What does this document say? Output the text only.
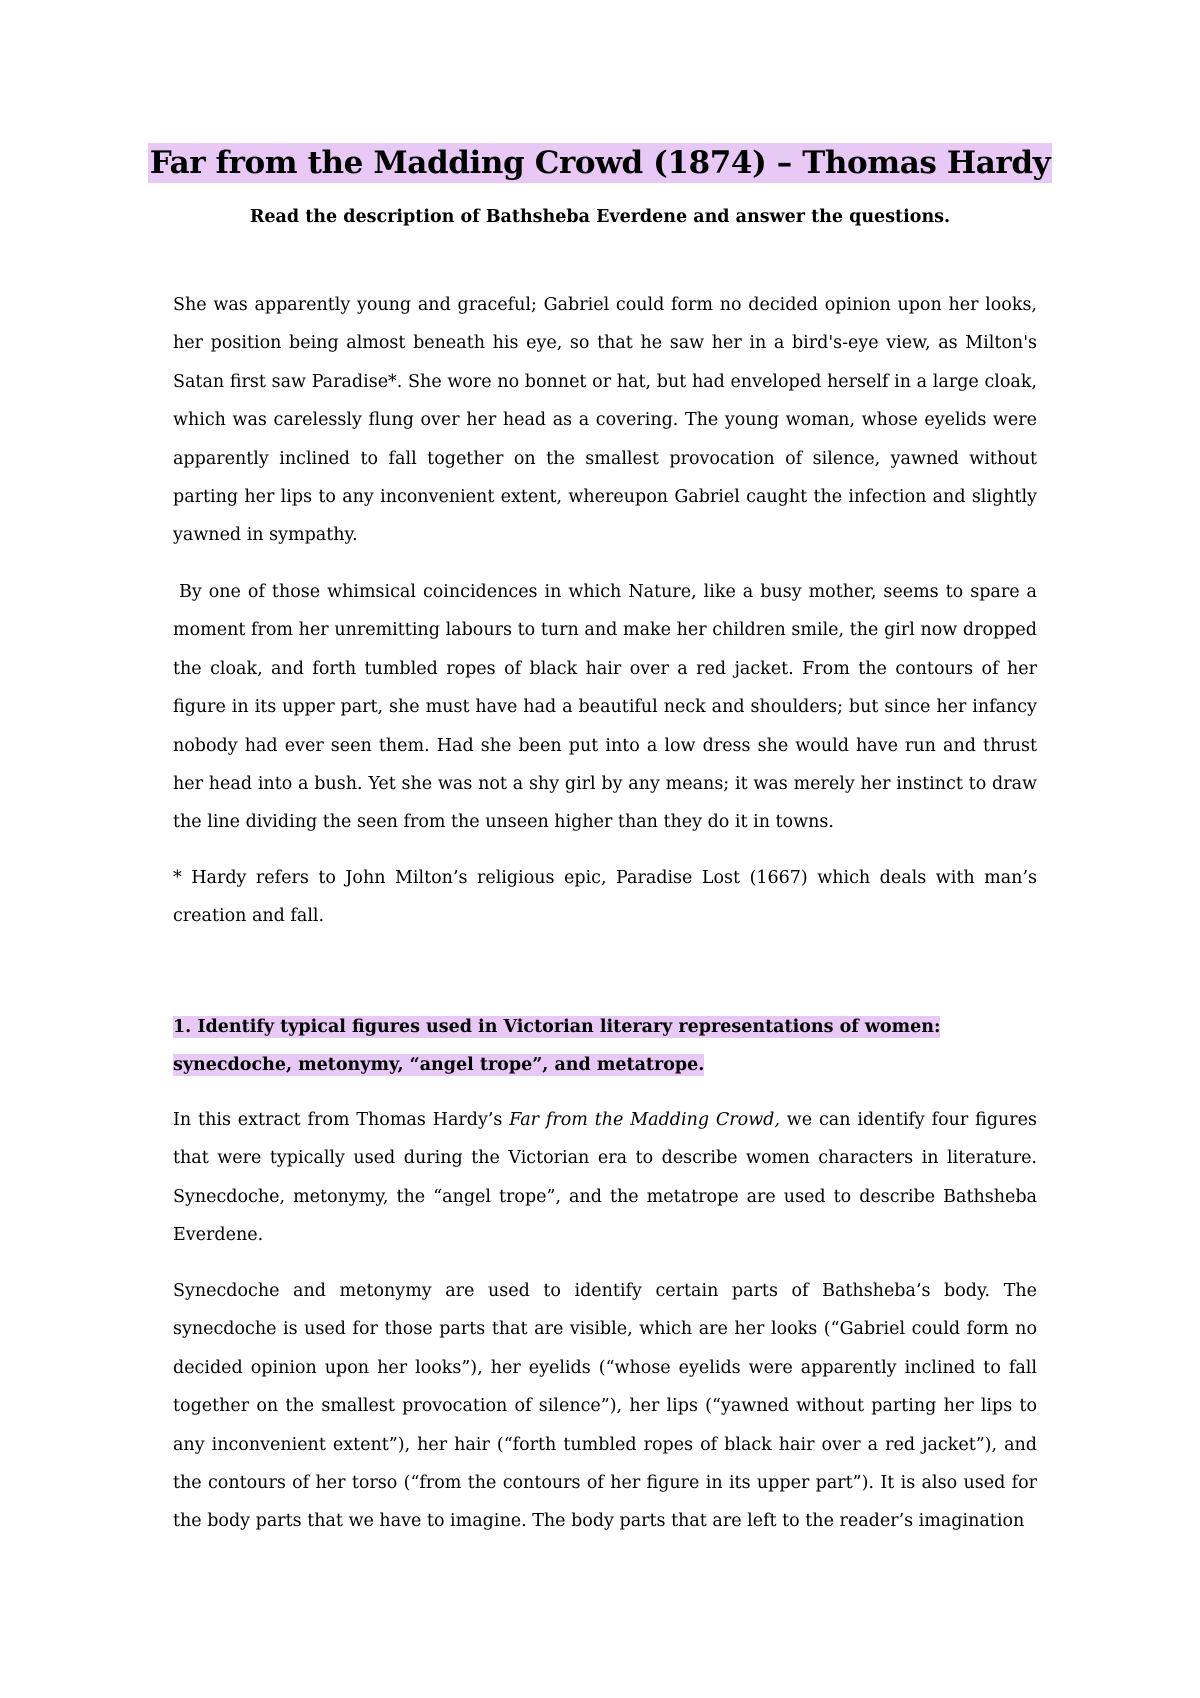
Far from the Madding Crowd (1874) – Thomas Hardy
Read the description of Bathsheba Everdene and answer the questions.

She was apparently young and graceful; Gabriel could form no decided opinion upon her looks, her position being almost beneath his eye, so that he saw her in a bird's-eye view, as Milton's Satan first saw Paradise*. She wore no bonnet or hat, but had enveloped herself in a large cloak, which was carelessly flung over her head as a covering. The young woman, whose eyelids were apparently inclined to fall together on the smallest provocation of silence, yawned without parting her lips to any inconvenient extent, whereupon Gabriel caught the infection and slightly yawned in sympathy.

By one of those whimsical coincidences in which Nature, like a busy mother, seems to spare a moment from her unremitting labours to turn and make her children smile, the girl now dropped the cloak, and forth tumbled ropes of black hair over a red jacket. From the contours of her figure in its upper part, she must have had a beautiful neck and shoulders; but since her infancy nobody had ever seen them. Had she been put into a low dress she would have run and thrust her head into a bush. Yet she was not a shy girl by any means; it was merely her instinct to draw the line dividing the seen from the unseen higher than they do it in towns.

* Hardy refers to John Milton’s religious epic, Paradise Lost (1667) which deals with man’s creation and fall.

1. Identify typical figures used in Victorian literary representations of women: synecdoche, metonymy, “angel trope”, and metatrope.

In this extract from Thomas Hardy’s Far from the Madding Crowd, we can identify four figures that were typically used during the Victorian era to describe women characters in literature. Synecdoche, metonymy, the “angel trope”, and the metatrope are used to describe Bathsheba Everdene.

Synecdoche and metonymy are used to identify certain parts of Bathsheba’s body. The synecdoche is used for those parts that are visible, which are her looks (“Gabriel could form no decided opinion upon her looks”), her eyelids (“whose eyelids were apparently inclined to fall together on the smallest provocation of silence”), her lips (“yawned without parting her lips to any inconvenient extent”), her hair (“forth tumbled ropes of black hair over a red jacket”), and the contours of her torso (“from the contours of her figure in its upper part”). It is also used for the body parts that we have to imagine. The body parts that are left to the reader’s imagination
